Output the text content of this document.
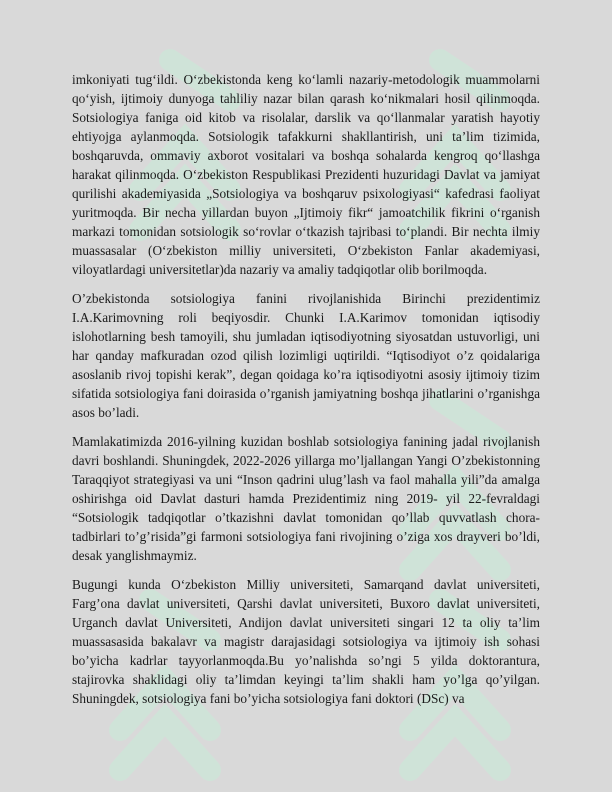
imkoniyati tug‘ildi. O‘zbekistonda keng ko‘lamli nazariy-metodologik muammolarni qo‘yish, ijtimoiy dunyoga tahliliy nazar bilan qarash ko‘nikmalari hosil qilinmoqda. Sotsiologiya faniga oid kitob va risolalar, darslik va qo‘llanmalar yaratish hayotiy ehtiyojga aylanmoqda. Sotsiologik tafakkurni shakllantirish, uni ta’lim tizimida, boshqaruvda, ommaviy axborot vositalari va boshqa sohalarda kengroq qo‘llashga harakat qilinmoqda. O‘zbekiston Respublikasi Prezidenti huzuridagi Davlat va jamiyat qurilishi akademiyasida „Sotsiologiya va boshqaruv psixologiyasi“ kafedrasi faoliyat yuritmoqda. Bir necha yillardan buyon „Ijtimoiy fikr“ jamoatchilik fikrini o‘rganish markazi tomonidan sotsiologik so‘rovlar o‘tkazish tajribasi to‘plandi. Bir nechta ilmiy muassasalar (O‘zbekiston milliy universiteti, O‘zbekiston Fanlar akademiyasi, viloyatlardagi universitetlar)da nazariy va amaliy tadqiqotlar olib borilmoqda.

O’zbekistonda sotsiologiya fanini rivojlanishida Birinchi prezidentimiz I.A.Karimovning roli beqiyosdir. Chunki I.A.Karimov tomonidan iqtisodiy islohotlarning besh tamoyili, shu jumladan iqtisodiyotning siyosatdan ustuvorligi, uni har qanday mafkuradan ozod qilish lozimligi uqtirildi. “Iqtisodiyot o’z qoidalariga asoslanib rivoj topishi kerak”, degan qoidaga ko’ra iqtisodiyotni asosiy ijtimoiy tizim sifatida sotsiologiya fani doirasida o’rganish jamiyatning boshqa jihatlarini o’rganishga asos bo’ladi.

Mamlakatimizda 2016-yilning kuzidan boshlab sotsiologiya fanining jadal rivojlanish davri boshlandi. Shuningdek, 2022-2026 yillarga mo’ljallangan Yangi O’zbekistonning Taraqqiyot strategiyasi va uni “Inson qadrini ulug’lash va faol mahalla yili”da amalga oshirishga oid Davlat dasturi hamda Prezidentimiz ning 2019- yil 22-fevraldagi “Sotsiologik tadqiqotlar o’tkazishni davlat tomonidan qo’llab quvvatlash chora-tadbirlari to’g’risida”gi farmoni sotsiologiya fani rivojining o’ziga xos drayveri bo’ldi, desak yanglishmaymiz.

Bugungi kunda O‘zbekiston Milliy universiteti, Samarqand davlat universiteti, Farg’ona davlat universiteti, Qarshi davlat universiteti, Buxoro davlat universiteti, Urganch davlat Universiteti, Andijon davlat universiteti singari 12 ta oliy ta’lim muassasasida bakalavr va magistr darajasidagi sotsiologiya va ijtimoiy ish sohasi bo’yicha kadrlar tayyorlanmoqda.Bu yo’nalishda so’ngi 5 yilda doktorantura, stajirovka shaklidagi oliy ta’limdan keyingi ta’lim shakli ham yo’lga qo’yilgan. Shuningdek, sotsiologiya fani bo’yicha sotsiologiya fani doktori (DSc) va
